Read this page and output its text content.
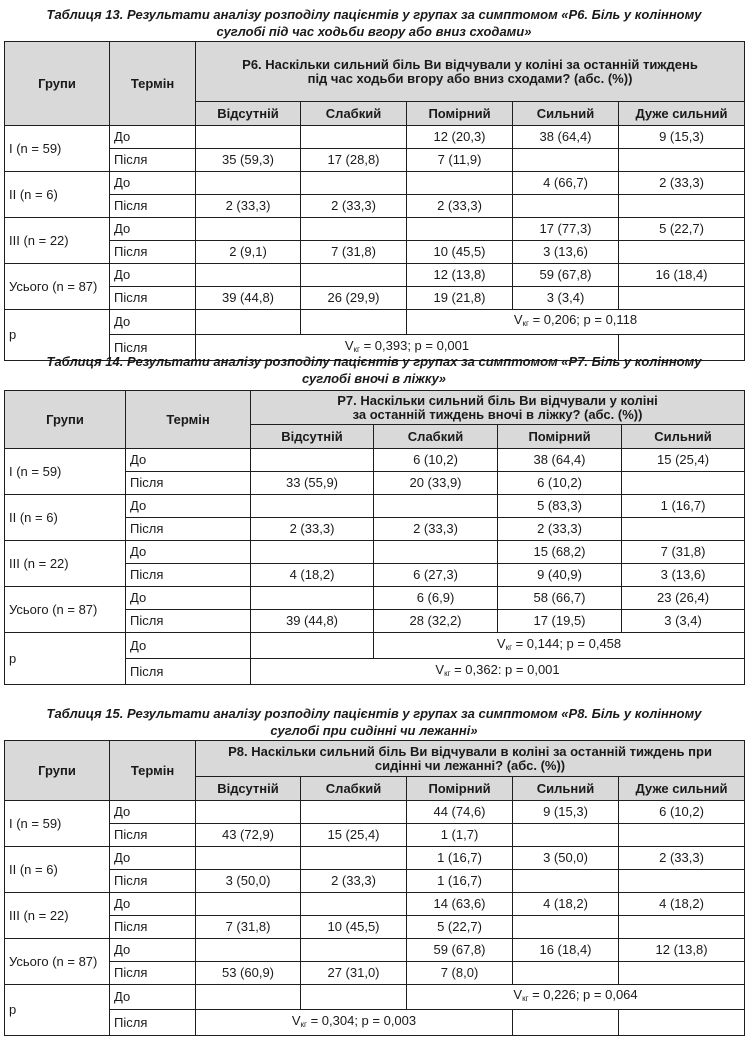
Таблиця 13. Результати аналізу розподілу пацієнтів у групах за симптомом «P6. Біль у колінному
суглобі під час ходьби вгору або вниз сходами»
Групи	Термін	P6. Наскільки сильний біль Ви відчували у коліні за останній тиждень
під час ходьби вгору або вниз сходами? (абс. (%))				

		Відсутній	Слабкий	Помірний	Сильний	Дуже сильний
I (n = 59)	До			12 (20,3)	38 (64,4)	9 (15,3)
	Після	35 (59,3)	17 (28,8)	7 (11,9)		
II (n = 6)	До				4 (66,7)	2 (33,3)
	Після	2 (33,3)	2 (33,3)	2 (33,3)		
III (n = 22)	До				17 (77,3)	5 (22,7)
	Після	2 (9,1)	7 (31,8)	10 (45,5)	3 (13,6)	
Усього (n = 87)	До			12 (13,8)	59 (67,8)	16 (18,4)
	Після	39 (44,8)	26 (29,9)	19 (21,8)	3 (3,4)	
p	До			$V_{кг} = 0,206$; p = 0,118		
	Після	$V_{кг} = 0,393$; p = 0,001				
Таблиця 14. Результати аналізу розподілу пацієнтів у групах за симптомом «P7. Біль у колінному
суглобі вночі в ліжку»
Групи	Термін	P7. Наскільки сильний біль Ви відчували у коліні
за останній тиждень вночі в ліжку? (абс. (%))			

		Відсутній	Слабкий	Помірний	Сильний
I (n = 59)	До		6 (10,2)	38 (64,4)	15 (25,4)
	Після	33 (55,9)	20 (33,9)	6 (10,2)	
II (n = 6)	До			5 (83,3)	1 (16,7)
	Після	2 (33,3)	2 (33,3)	2 (33,3)	
III (n = 22)	До			15 (68,2)	7 (31,8)
	Після	4 (18,2)	6 (27,3)	9 (40,9)	3 (13,6)
Усього (n = 87)	До		6 (6,9)	58 (66,7)	23 (26,4)
	Після	39 (44,8)	28 (32,2)	17 (19,5)	3 (3,4)
p	До		$V_{кг} = 0,144$; p = 0,458		
	Після	$V_{кг} = 0,362$: p = 0,001			
Таблиця 15. Результати аналізу розподілу пацієнтів у групах за симптомом «P8. Біль у колінному
суглобі при сидінні чи лежанні»
Групи	Термін	P8. Наскільки сильний біль Ви відчували в коліні за останній тиждень при
сидінні чи лежанні? (абс. (%))				

		Відсутній	Слабкий	Помірний	Сильний	Дуже сильний
I (n = 59)	До			44 (74,6)	9 (15,3)	6 (10,2)
	Після	43 (72,9)	15 (25,4)	1 (1,7)		
II (n = 6)	До			1 (16,7)	3 (50,0)	2 (33,3)
	Після	3 (50,0)	2 (33,3)	1 (16,7)		
III (n = 22)	До			14 (63,6)	4 (18,2)	4 (18,2)
	Після	7 (31,8)	10 (45,5)	5 (22,7)		
Усього (n = 87)	До			59 (67,8)	16 (18,4)	12 (13,8)
	Після	53 (60,9)	27 (31,0)	7 (8,0)		
p	До			$V_{кг} = 0,226$; p = 0,064		
	Після	$V_{кг} = 0,304$; p = 0,003				
